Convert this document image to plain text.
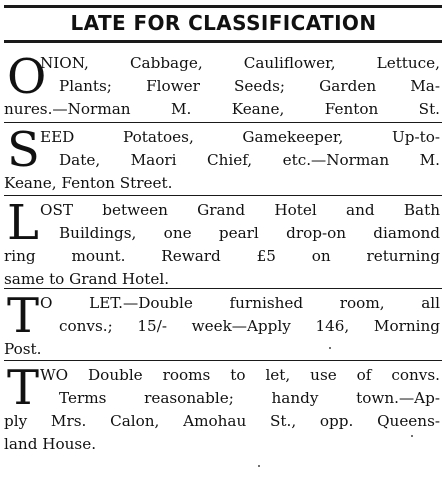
LATE FOR CLASSIFICATION
O
NION, Cabbage, Cauliflower, Lettuce,
Plants; Flower Seeds; Garden Ma-
nures.—Norman M. Keane, Fenton St.
S EED Potatoes, Gamekeeper, Up-to-
Date, Maori Chief, etc.—Norman M.
Keane, Fenton Street.
L OST between Grand Hotel and Bath
Buildings, one pearl drop-on diamond
ring mount. Reward £5 on returning
same to Grand Hotel.
T O LET.—Double furnished room, all
convs.; 15/- week—Apply 146, Morning
Post.
T WO Double rooms to let, use of convs.
Terms reasonable; handy town.—Ap-
ply Mrs. Calon, Amohau St., opp. Queens-
land House.
